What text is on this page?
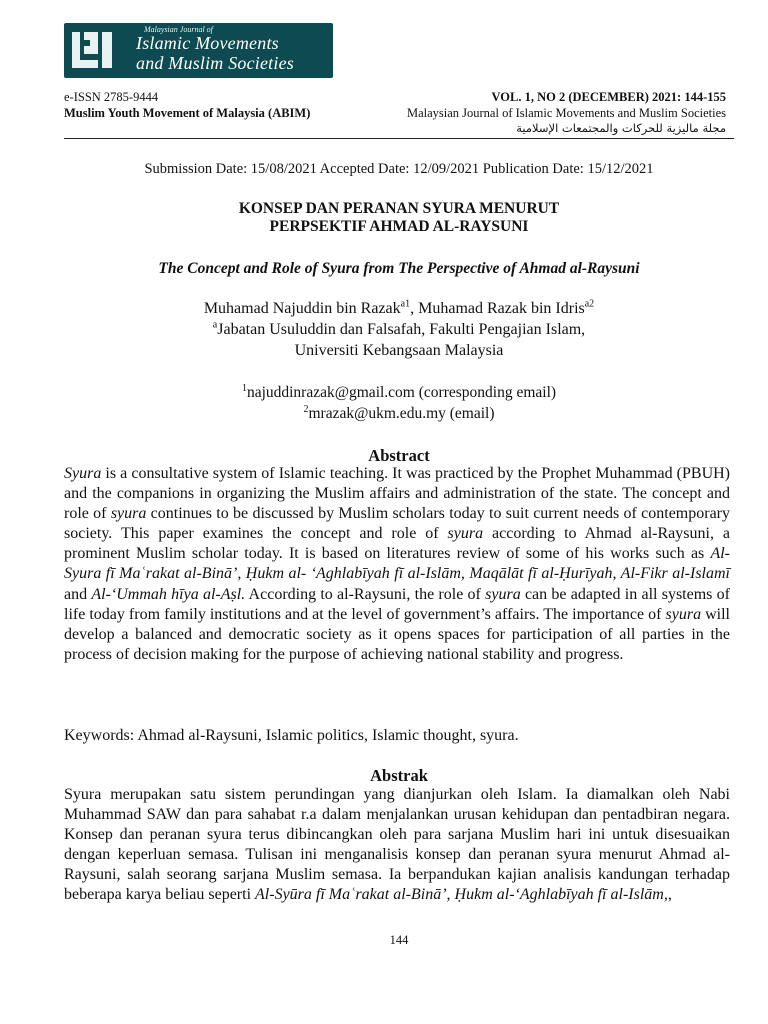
Malaysian Journal of
Islamic Movements
and Muslim Societies
e-ISSN 2785-9444	VOL. 1, NO 2 (DECEMBER) 2021: 144-155
Muslim Youth Movement of Malaysia (ABIM)	Malaysian Journal of Islamic Movements and Muslim Societies
مجلة ماليزية للحركات والمجتمعات الإسلامية
Submission Date: 15/08/2021 Accepted Date: 12/09/2021 Publication Date: 15/12/2021
KONSEP DAN PERANAN SYURA MENURUT
PERPSEKTIF AHMAD AL-RAYSUNI
The Concept and Role of Syura from The Perspective of Ahmad al-Raysuni
Muhamad Najuddin bin Razak$^{a1}$, Muhamad Razak bin Idris$^{a2}$
$^a$Jabatan Usuluddin dan Falsafah, Fakulti Pengajian Islam,
Universiti Kebangsaan Malaysia
$^1$najuddinrazak@gmail.com (corresponding email)
$^2$mrazak@ukm.edu.my (email)
Abstract
Syura is a consultative system of Islamic teaching. It was practiced by the Prophet Muhammad (PBUH) and the companions in organizing the Muslim affairs and administration of the state. The concept and role of syura continues to be discussed by Muslim scholars today to suit current needs of contemporary society. This paper examines the concept and role of syura according to Ahmad al-Raysuni, a prominent Muslim scholar today. It is based on literatures review of some of his works such as Al-Syura fī Maʿrakat al-Bināʼ, Ḥukm al- ʻAghlabīyah fī al-Islām, Maqālāt fī al-Ḥurīyah, Al-Fikr al-Islamī and Al-ʻUmmah hīya al-Aṣl. According to al-Raysuni, the role of syura can be adapted in all systems of life today from family institutions and at the level of government’s affairs. The importance of syura will develop a balanced and democratic society as it opens spaces for participation of all parties in the process of decision making for the purpose of achieving national stability and progress.
Keywords: Ahmad al-Raysuni, Islamic politics, Islamic thought, syura.
Abstrak
Syura merupakan satu sistem perundingan yang dianjurkan oleh Islam. Ia diamalkan oleh Nabi Muhammad SAW dan para sahabat r.a dalam menjalankan urusan kehidupan dan pentadbiran negara. Konsep dan peranan syura terus dibincangkan oleh para sarjana Muslim hari ini untuk disesuaikan dengan keperluan semasa. Tulisan ini menganalisis konsep dan peranan syura menurut Ahmad al-Raysuni, salah seorang sarjana Muslim semasa. Ia berpandukan kajian analisis kandungan terhadap beberapa karya beliau seperti Al-Syūra fī Maʿrakat al-Bināʼ, Ḥukm al-ʻAghlabīyah fī al-Islām,,
144
